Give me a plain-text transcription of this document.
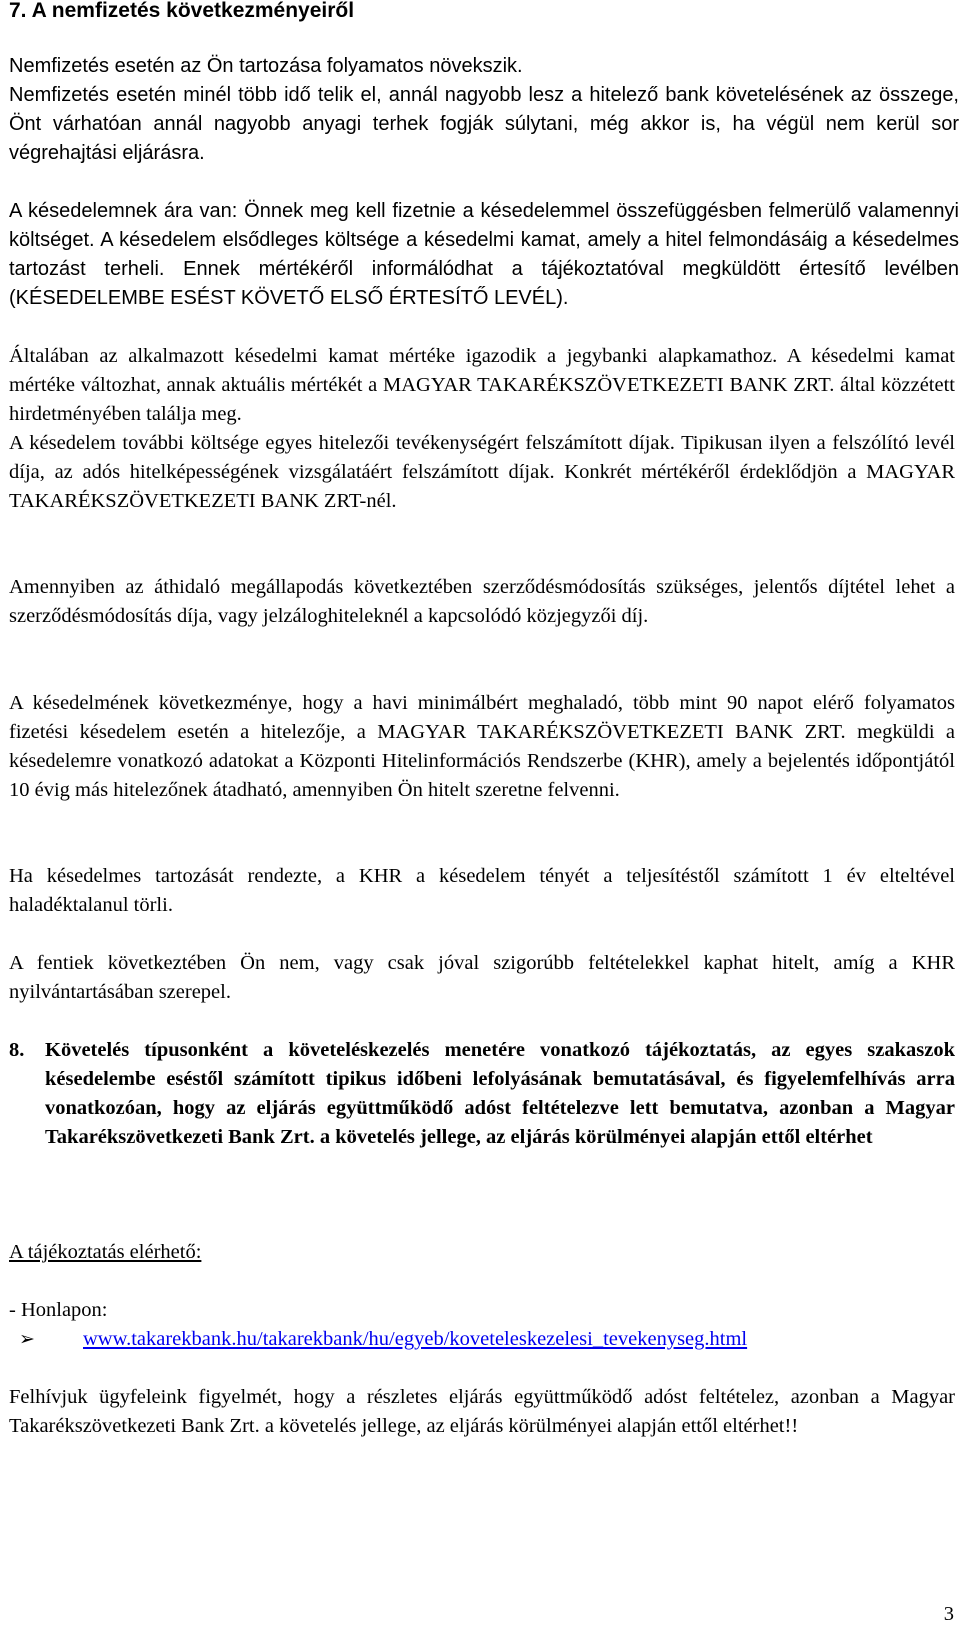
7. A nemfizetés következményeiről
Nemfizetés esetén az Ön tartozása folyamatos növekszik.
Nemfizetés esetén minél több idő telik el, annál nagyobb lesz a hitelező bank követelésének az összege, Önt várhatóan annál nagyobb anyagi terhek fogják súlytani, még akkor is, ha végül nem kerül sor végrehajtási eljárásra.
A késedelemnek ára van: Önnek meg kell fizetnie a késedelemmel összefüggésben felmerülő valamennyi költséget. A késedelem elsődleges költsége a késedelmi kamat, amely a hitel felmondásáig a késedelmes tartozást terheli. Ennek mértékéről informálódhat a tájékoztatóval megküldött értesítő levélben (KÉSEDELEMBE ESÉST KÖVETŐ ELSŐ ÉRTESÍTŐ LEVÉL).
Általában az alkalmazott késedelmi kamat mértéke igazodik a jegybanki alapkamathoz. A késedelmi kamat mértéke változhat, annak aktuális mértékét a MAGYAR TAKARÉKSZÖVETKEZETI BANK ZRT. által közzétett hirdetményében találja meg.
A késedelem további költsége egyes hitelezői tevékenységért felszámított díjak. Tipikusan ilyen a felszólító levél díja, az adós hitelképességének vizsgálatáért felszámított díjak. Konkrét mértékéről érdeklődjön a MAGYAR TAKARÉKSZÖVETKEZETI BANK ZRT-nél.
Amennyiben az áthidaló megállapodás következtében szerződésmódosítás szükséges, jelentős díjtétel lehet a szerződésmódosítás díja, vagy jelzáloghiteleknél a kapcsolódó közjegyzői díj.
A késedelmének következménye, hogy a havi minimálbért meghaladó, több mint 90 napot elérő folyamatos fizetési késedelem esetén a hitelezője, a MAGYAR TAKARÉKSZÖVETKEZETI BANK ZRT. megküldi a késedelemre vonatkozó adatokat a Központi Hitelinformációs Rendszerbe (KHR), amely a bejelentés időpontjától 10 évig más hitelezőnek átadható, amennyiben Ön hitelt szeretne felvenni.
Ha késedelmes tartozását rendezte, a KHR a késedelem tényét a teljesítéstől számított 1 év elteltével haladéktalanul törli.
A fentiek következtében Ön nem, vagy csak jóval szigorúbb feltételekkel kaphat hitelt, amíg a KHR nyilvántartásában szerepel.
8.	Követelés típusonként a követeléskezelés menetére vonatkozó tájékoztatás, az egyes szakaszok késedelembe eséstől számított tipikus időbeni lefolyásának bemutatásával, és figyelemfelhívás arra vonatkozóan, hogy az eljárás együttműködő adóst feltételezve lett bemutatva, azonban a Magyar Takarékszövetkezeti Bank Zrt. a követelés jellege, az eljárás körülményei alapján ettől eltérhet
A tájékoztatás elérhető:
- Honlapon:
➢	www.takarekbank.hu/takarekbank/hu/egyeb/koveteleskezelesi_tevekenyseg.html
Felhívjuk ügyfeleink figyelmét, hogy a részletes eljárás együttműködő adóst feltételez, azonban a Magyar Takarékszövetkezeti Bank Zrt. a követelés jellege, az eljárás körülményei alapján ettől eltérhet!!
3
